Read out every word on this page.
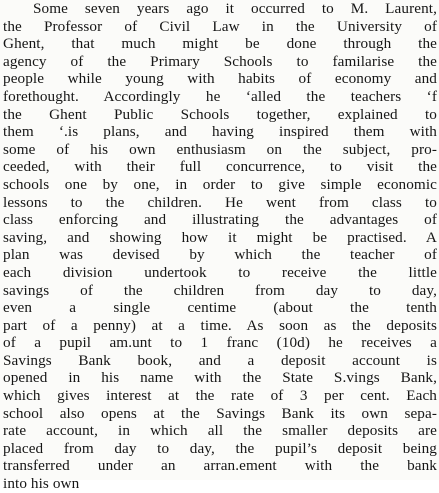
Some seven years ago it occurred to M. Laurent,
the Professor of Civil Law in the University of
Ghent, that much might be done through the
agency of the Primary Schools to familarise the
people while young with habits of economy and
forethought. Accordingly he ‘alled the teachers ‘f
the Ghent Public Schools together, explained to
them ‘.is plans, and having inspired them with
some of his own enthusiasm on the subject, pro-
ceeded, with their full concurrence, to visit the
schools one by one, in order to give simple economic
lessons to the children. He went from class to
class enforcing and illustrating the advantages of
saving, and showing how it might be practised. A
plan was devised by which the teacher of
each division undertook to receive the little
savings of the children from day to day,
even a single centime (about the tenth
part of a penny) at a time. As soon as the deposits
of a pupil am.unt to 1 franc (10d) he receives a
Savings Bank book, and a deposit account is
opened in his name with the State S.vings Bank,
which gives interest at the rate of 3 per cent. Each
school also opens at the Savings Bank its own sepa-
rate account, in which all the smaller deposits are
placed from day to day, the pupil’s deposit being
transferred under an arran.ement with the bank
into his own
